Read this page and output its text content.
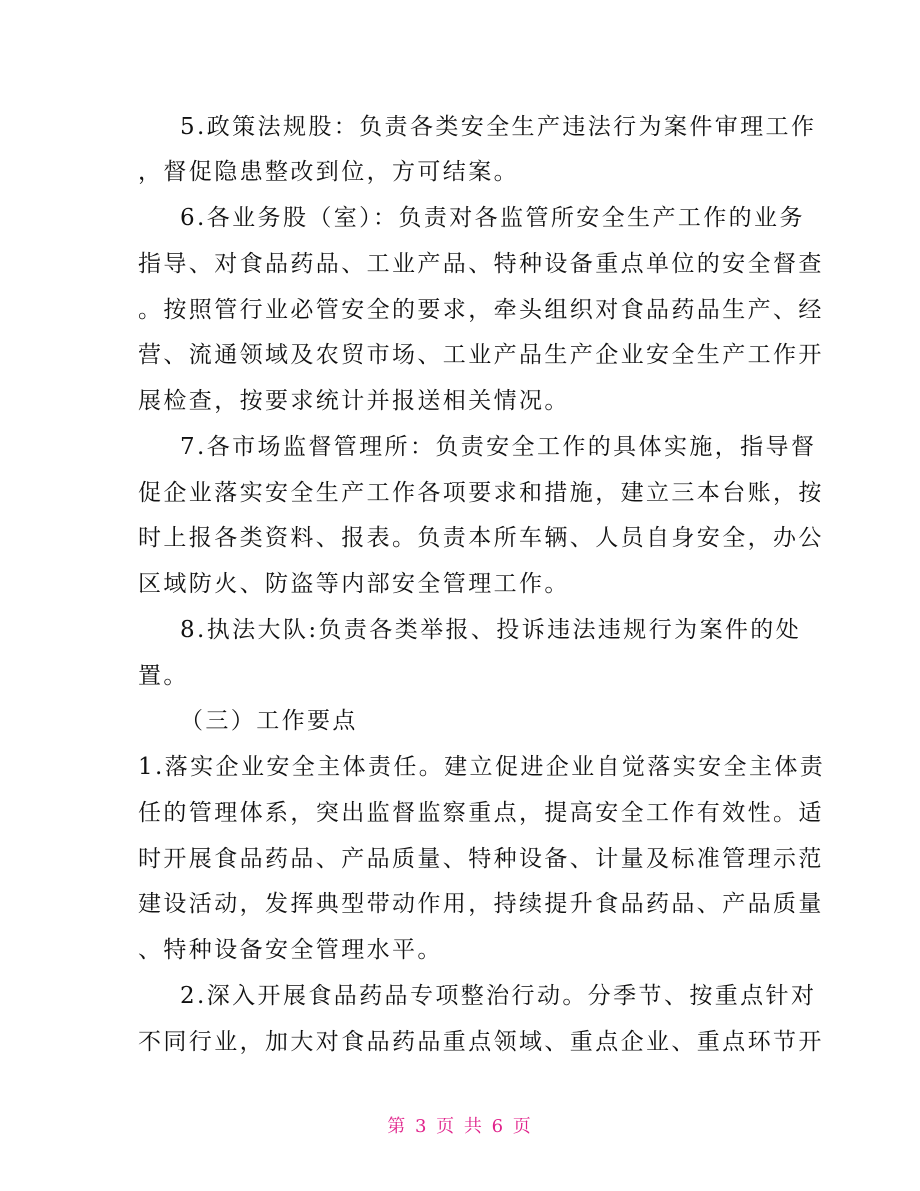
5.政策法规股：负责各类安全生产违法行为案件审理工作
，督促隐患整改到位，方可结案。
6.各业务股（室）：负责对各监管所安全生产工作的业务
指导、对食品药品、工业产品、特种设备重点单位的安全督查
。按照管行业必管安全的要求，牵头组织对食品药品生产、经
营、流通领域及农贸市场、工业产品生产企业安全生产工作开
展检查，按要求统计并报送相关情况。
7.各市场监督管理所：负责安全工作的具体实施，指导督
促企业落实安全生产工作各项要求和措施，建立三本台账，按
时上报各类资料、报表。负责本所车辆、人员自身安全，办公
区域防火、防盗等内部安全管理工作。
8.执法大队:负责各类举报、投诉违法违规行为案件的处
置。
（三）工作要点
1.落实企业安全主体责任。建立促进企业自觉落实安全主体责
任的管理体系，突出监督监察重点，提高安全工作有效性。适
时开展食品药品、产品质量、特种设备、计量及标准管理示范
建设活动，发挥典型带动作用，持续提升食品药品、产品质量
、特种设备安全管理水平。
2.深入开展食品药品专项整治行动。分季节、按重点针对
不同行业，加大对食品药品重点领域、重点企业、重点环节开
第 3 页 共 6 页
